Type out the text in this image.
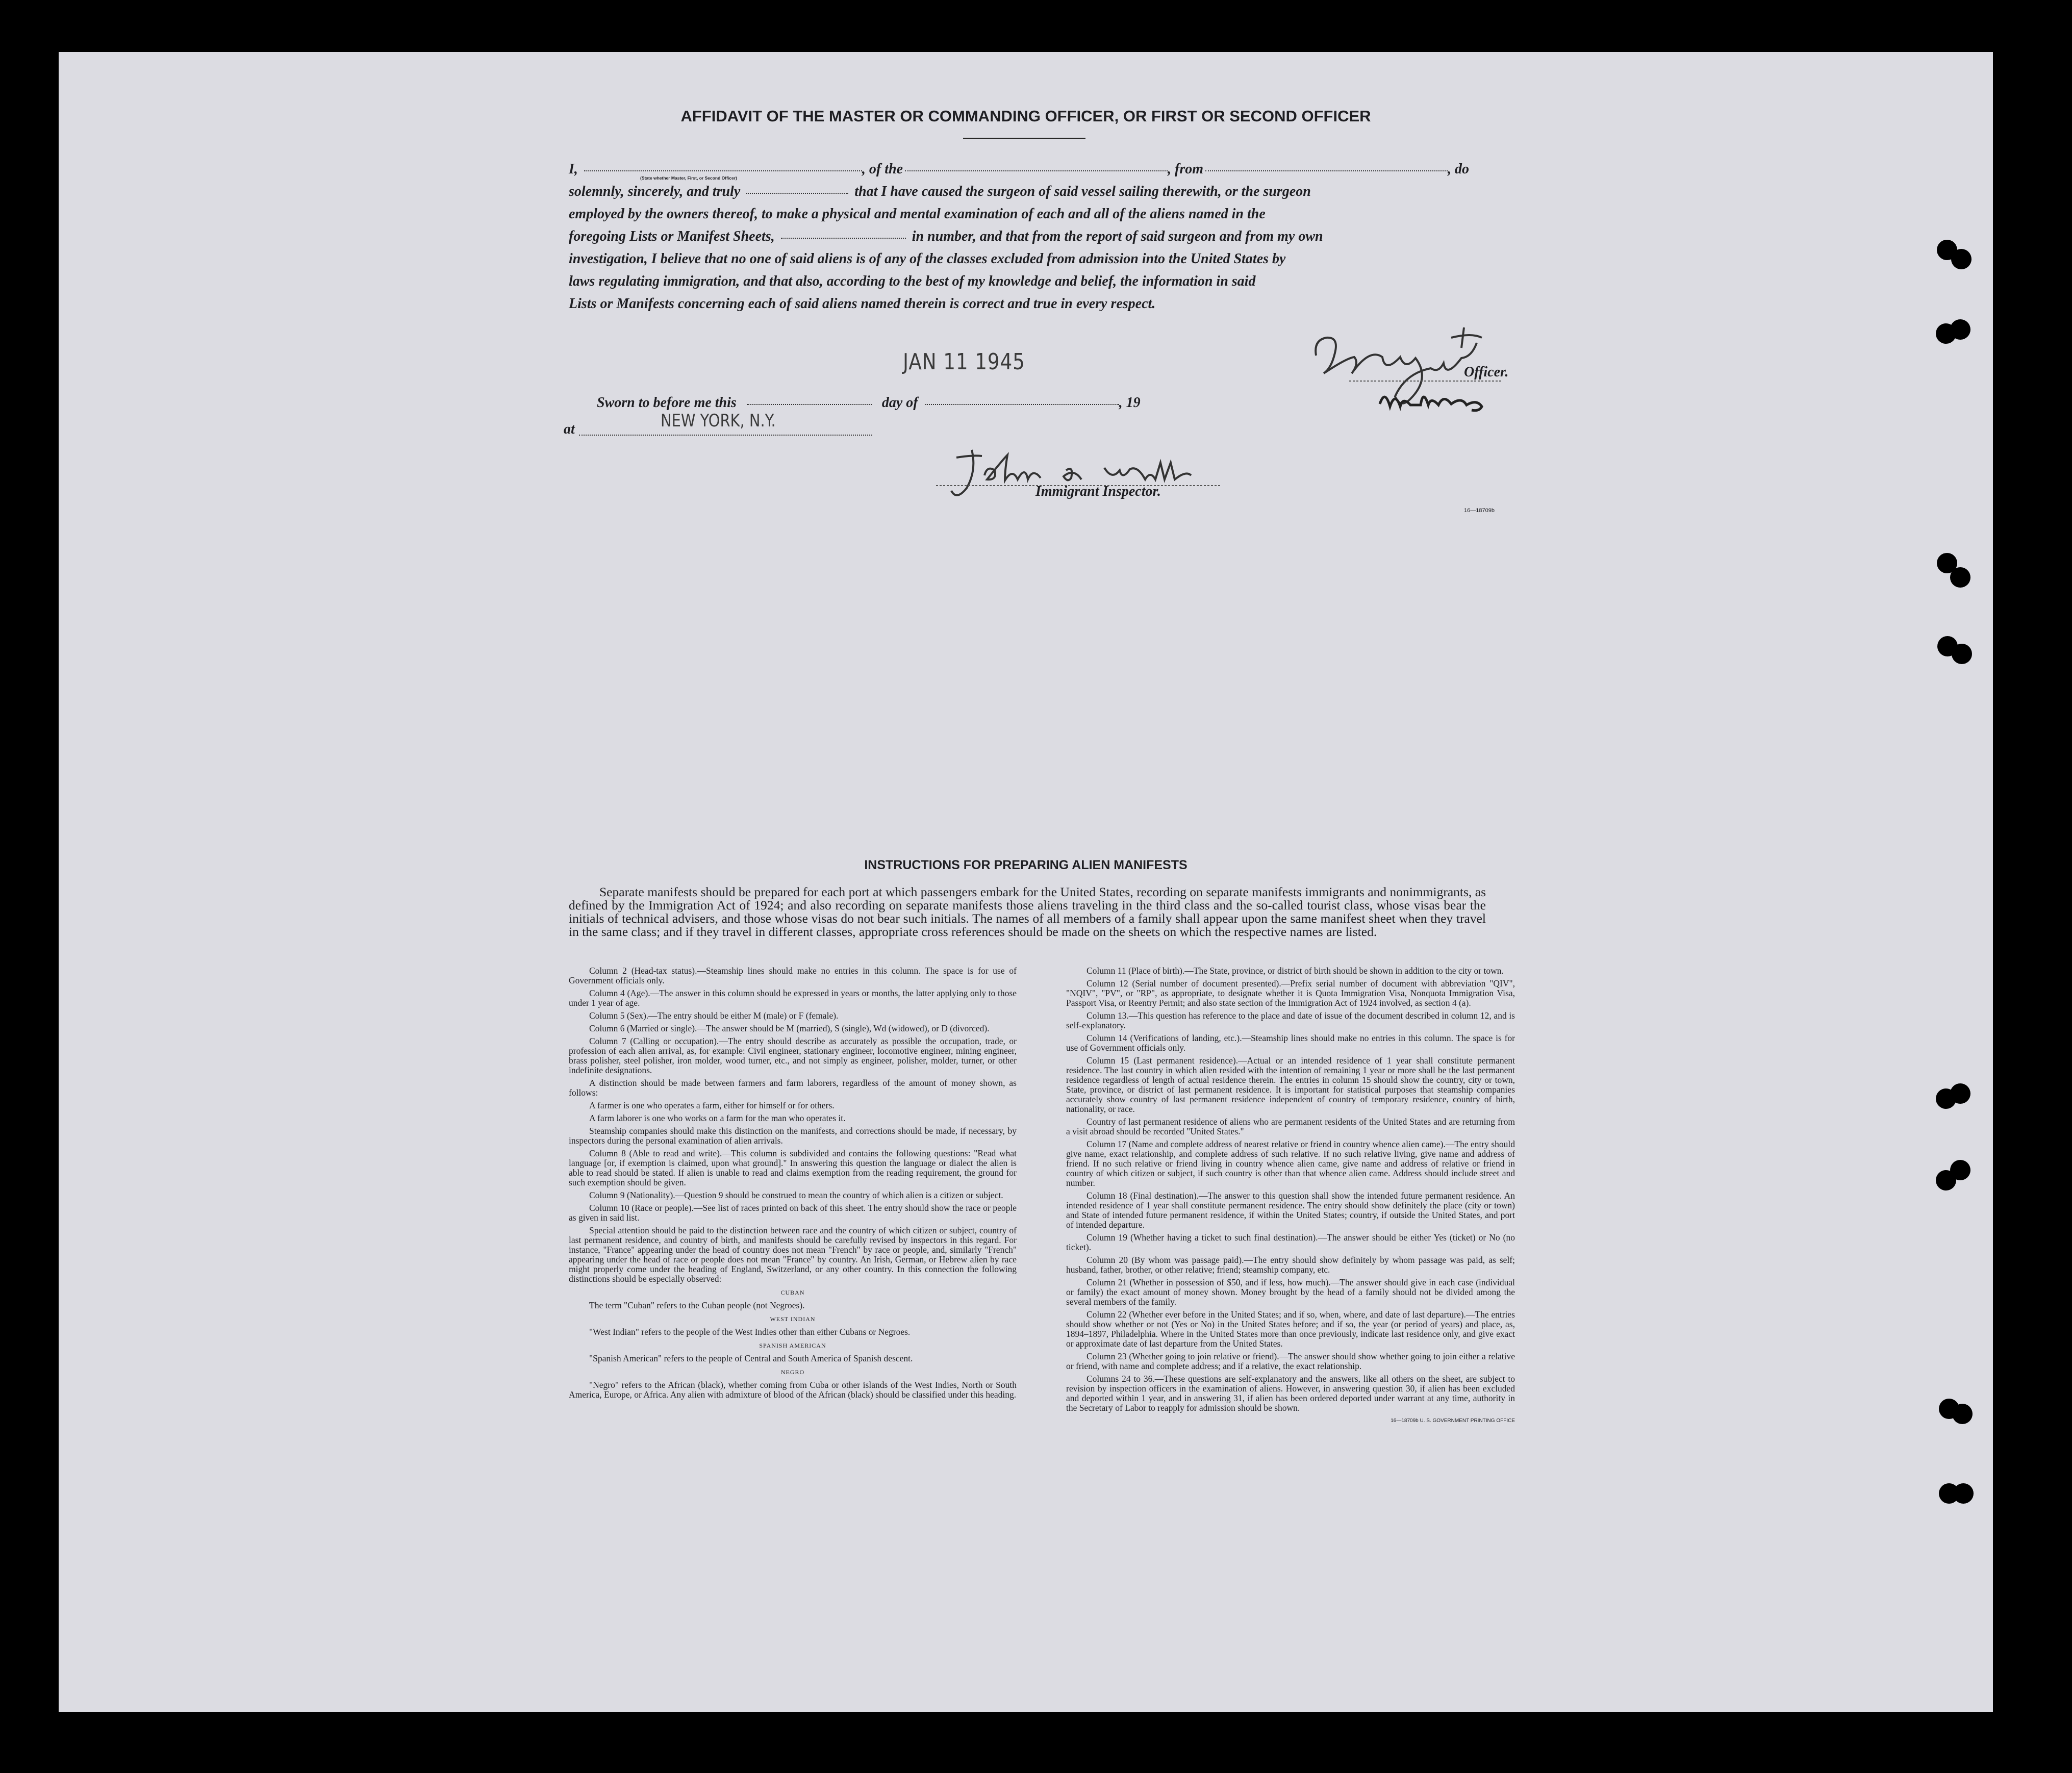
AFFIDAVIT OF THE MASTER OR COMMANDING OFFICER, OR FIRST OR SECOND OFFICER
I,	, of the	, from	, do
(State whether Master, First, or Second Officer)
solemnly, sincerely, and truly	that I have caused the surgeon of said vessel sailing therewith, or the surgeon
employed by the owners thereof, to make a physical and mental examination of each and all of the aliens named in the
foregoing Lists or Manifest Sheets,	in number, and that from the report of said surgeon and from my own
investigation, I believe that no one of said aliens is of any of the classes excluded from admission into the United States by
laws regulating immigration, and that also, according to the best of my knowledge and belief, the information in said
Lists or Manifests concerning each of said aliens named therein is correct and true in every respect.
JAN 11 1945	Officer.
Sworn to before me this	day of	, 19
NEW YORK, N.Y.
at
Immigrant Inspector.
16—18709b
INSTRUCTIONS FOR PREPARING ALIEN MANIFESTS
Separate manifests should be prepared for each port at which passengers embark for the United States, recording on separate manifests immigrants and nonimmigrants, as defined by the Immigration Act of 1924; and also recording on separate manifests those aliens traveling in the third class and the so-called tourist class, whose visas bear the initials of technical advisers, and those whose visas do not bear such initials. The names of all members of a family shall appear upon the same manifest sheet when they travel in the same class; and if they travel in different classes, appropriate cross references should be made on the sheets on which the respective names are listed.

Column 2 (Head-tax status).—Steamship lines should make no entries in this column. The space is for use of Government officials only.

Column 4 (Age).—The answer in this column should be expressed in years or months, the latter applying only to those under 1 year of age.

Column 5 (Sex).—The entry should be either M (male) or F (female).

Column 6 (Married or single).—The answer should be M (married), S (single), Wd (widowed), or D (divorced).

Column 7 (Calling or occupation).—The entry should describe as accurately as possible the occupation, trade, or profession of each alien arrival, as, for example: Civil engineer, stationary engineer, locomotive engineer, mining engineer, brass polisher, steel polisher, iron molder, wood turner, etc., and not simply as engineer, polisher, molder, turner, or other indefinite designations.

A distinction should be made between farmers and farm laborers, regardless of the amount of money shown, as follows:

A farmer is one who operates a farm, either for himself or for others.

A farm laborer is one who works on a farm for the man who operates it.

Steamship companies should make this distinction on the manifests, and corrections should be made, if necessary, by inspectors during the personal examination of alien arrivals.

Column 8 (Able to read and write).—This column is subdivided and contains the following questions: "Read what language [or, if exemption is claimed, upon what ground]." In answering this question the language or dialect the alien is able to read should be stated. If alien is unable to read and claims exemption from the reading requirement, the ground for such exemption should be given.

Column 9 (Nationality).—Question 9 should be construed to mean the country of which alien is a citizen or subject.

Column 10 (Race or people).—See list of races printed on back of this sheet. The entry should show the race or people as given in said list.

Special attention should be paid to the distinction between race and the country of which citizen or subject, country of last permanent residence, and country of birth, and manifests should be carefully revised by inspectors in this regard. For instance, "France" appearing under the head of country does not mean "French" by race or people, and, similarly "French" appearing under the head of race or people does not mean "France" by country. An Irish, German, or Hebrew alien by race might properly come under the heading of England, Switzerland, or any other country. In this connection the following distinctions should be especially observed:

CUBAN

The term "Cuban" refers to the Cuban people (not Negroes).

WEST INDIAN

"West Indian" refers to the people of the West Indies other than either Cubans or Negroes.

SPANISH AMERICAN

"Spanish American" refers to the people of Central and South America of Spanish descent.

NEGRO

"Negro" refers to the African (black), whether coming from Cuba or other islands of the West Indies, North or South America, Europe, or Africa. Any alien with admixture of blood of the African (black) should be classified under this heading.

Column 11 (Place of birth).—The State, province, or district of birth should be shown in addition to the city or town.

Column 12 (Serial number of document presented).—Prefix serial number of document with abbreviation "QIV", "NQIV", "PV", or "RP", as appropriate, to designate whether it is Quota Immigration Visa, Nonquota Immigration Visa, Passport Visa, or Reentry Permit; and also state section of the Immigration Act of 1924 involved, as section 4 (a).

Column 13.—This question has reference to the place and date of issue of the document described in column 12, and is self-explanatory.

Column 14 (Verifications of landing, etc.).—Steamship lines should make no entries in this column. The space is for use of Government officials only.

Column 15 (Last permanent residence).—Actual or an intended residence of 1 year shall constitute permanent residence. The last country in which alien resided with the intention of remaining 1 year or more shall be the last permanent residence regardless of length of actual residence therein. The entries in column 15 should show the country, city or town, State, province, or district of last permanent residence. It is important for statistical purposes that steamship companies accurately show country of last permanent residence independent of country of temporary residence, country of birth, nationality, or race.

Country of last permanent residence of aliens who are permanent residents of the United States and are returning from a visit abroad should be recorded "United States."

Column 17 (Name and complete address of nearest relative or friend in country whence alien came).—The entry should give name, exact relationship, and complete address of such relative. If no such relative living, give name and address of friend. If no such relative or friend living in country whence alien came, give name and address of relative or friend in country of which citizen or subject, if such country is other than that whence alien came. Address should include street and number.

Column 18 (Final destination).—The answer to this question shall show the intended future permanent residence. An intended residence of 1 year shall constitute permanent residence. The entry should show definitely the place (city or town) and State of intended future permanent residence, if within the United States; country, if outside the United States, and port of intended departure.

Column 19 (Whether having a ticket to such final destination).—The answer should be either Yes (ticket) or No (no ticket).

Column 20 (By whom was passage paid).—The entry should show definitely by whom passage was paid, as self; husband, father, brother, or other relative; friend; steamship company, etc.

Column 21 (Whether in possession of $50, and if less, how much).—The answer should give in each case (individual or family) the exact amount of money shown. Money brought by the head of a family should not be divided among the several members of the family.

Column 22 (Whether ever before in the United States; and if so, when, where, and date of last departure).—The entries should show whether or not (Yes or No) in the United States before; and if so, the year (or period of years) and place, as, 1894–1897, Philadelphia. Where in the United States more than once previously, indicate last residence only, and give exact or approximate date of last departure from the United States.

Column 23 (Whether going to join relative or friend).—The answer should show whether going to join either a relative or friend, with name and complete address; and if a relative, the exact relationship.

Columns 24 to 36.—These questions are self-explanatory and the answers, like all others on the sheet, are subject to revision by inspection officers in the examination of aliens. However, in answering question 30, if alien has been excluded and deported within 1 year, and in answering 31, if alien has been ordered deported under warrant at any time, authority in the Secretary of Labor to reapply for admission should be shown.

16—18709b U. S. GOVERNMENT PRINTING OFFICE
